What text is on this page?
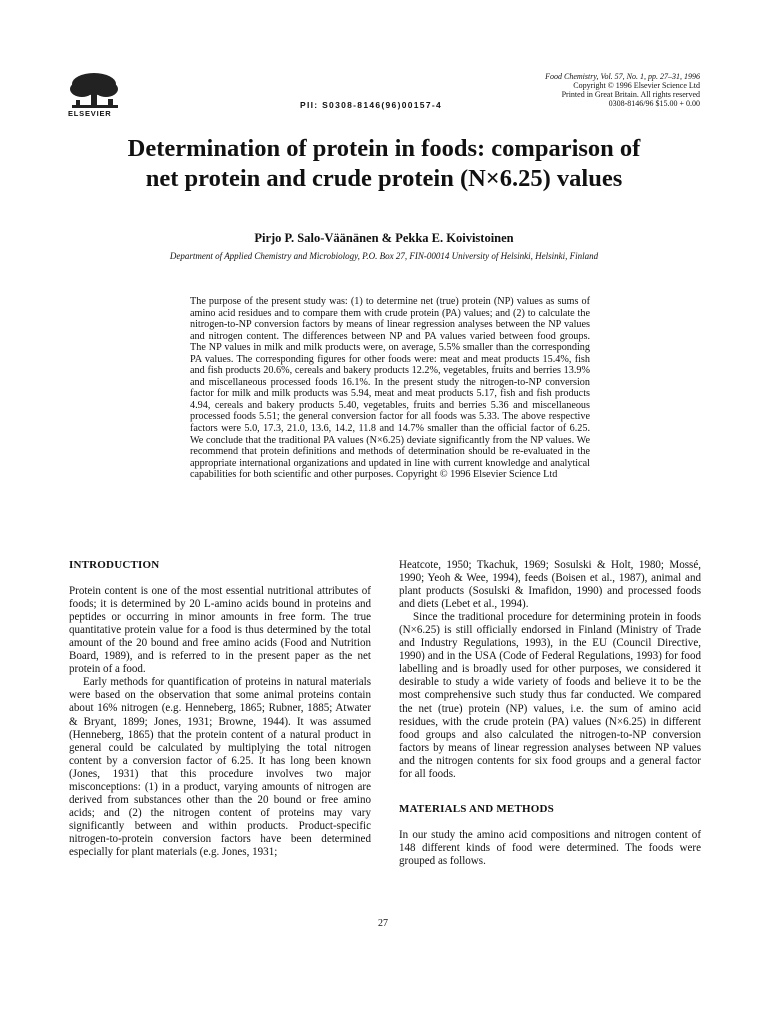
ELSEVIER
PII: S0308-8146(96)00157-4
Food Chemistry, Vol. 57, No. 1, pp. 27–31, 1996
Copyright © 1996 Elsevier Science Ltd
Printed in Great Britain. All rights reserved
0308-8146/96 $15.00 + 0.00
Determination of protein in foods: comparison of
net protein and crude protein (N×6.25) values
Pirjo P. Salo-Väänänen & Pekka E. Koivistoinen
Department of Applied Chemistry and Microbiology, P.O. Box 27, FIN-00014 University of Helsinki, Helsinki, Finland
The purpose of the present study was: (1) to determine net (true) protein (NP) values as sums of amino acid residues and to compare them with crude protein (PA) values; and (2) to calculate the nitrogen-to-NP conversion factors by means of linear regression analyses between the NP values and nitrogen content. The differences between NP and PA values varied between food groups. The NP values in milk and milk products were, on average, 5.5% smaller than the corresponding PA values. The corresponding figures for other foods were: meat and meat products 15.4%, fish and fish products 20.6%, cereals and bakery products 12.2%, vegetables, fruits and berries 13.9% and miscellaneous processed foods 16.1%. In the present study the nitrogen-to-NP conversion factor for milk and milk products was 5.94, meat and meat products 5.17, fish and fish products 4.94, cereals and bakery products 5.40, vegetables, fruits and berries 5.36 and miscellaneous processed foods 5.51; the general conversion factor for all foods was 5.33. The above respective factors were 5.0, 17.3, 21.0, 13.6, 14.2, 11.8 and 14.7% smaller than the official factor of 6.25. We conclude that the traditional PA values (N×6.25) deviate significantly from the NP values. We recommend that protein definitions and methods of determination should be re-evaluated in the appropriate international organizations and updated in line with current knowledge and analytical capabilities for both scientific and other purposes. Copyright © 1996 Elsevier Science Ltd
INTRODUCTION

Protein content is one of the most essential nutritional attributes of foods; it is determined by 20 L-amino acids bound in proteins and peptides or occurring in minor amounts in free form. The true quantitative protein value for a food is thus determined by the total amount of the 20 bound and free amino acids (Food and Nutrition Board, 1989), and is referred to in the present paper as the net protein of a food.

Early methods for quantification of proteins in natural materials were based on the observation that some animal proteins contain about 16% nitrogen (e.g. Henneberg, 1865; Rubner, 1885; Atwater & Bryant, 1899; Jones, 1931; Browne, 1944). It was assumed (Henneberg, 1865) that the protein content of a natural product in general could be calculated by multiplying the total nitrogen content by a conversion factor of 6.25. It has long been known (Jones, 1931) that this procedure involves two major misconceptions: (1) in a product, varying amounts of nitrogen are derived from substances other than the 20 bound or free amino acids; and (2) the nitrogen content of proteins may vary significantly between and within products. Product-specific nitrogen-to-protein conversion factors have been determined especially for plant materials (e.g. Jones, 1931;

Heatcote, 1950; Tkachuk, 1969; Sosulski & Holt, 1980; Mossé, 1990; Yeoh & Wee, 1994), feeds (Boisen et al., 1987), animal and plant products (Sosulski & Imafidon, 1990) and processed foods and diets (Lebet et al., 1994).

Since the traditional procedure for determining protein in foods (N×6.25) is still officially endorsed in Finland (Ministry of Trade and Industry Regulations, 1993), in the EU (Council Directive, 1990) and in the USA (Code of Federal Regulations, 1993) for food labelling and is broadly used for other purposes, we considered it desirable to study a wide variety of foods and believe it to be the most comprehensive such study thus far conducted. We compared the net (true) protein (NP) values, i.e. the sum of amino acid residues, with the crude protein (PA) values (N×6.25) in different food groups and also calculated the nitrogen-to-NP conversion factors by means of linear regression analyses between NP values and the nitrogen contents for six food groups and a general factor for all foods.

MATERIALS AND METHODS

In our study the amino acid compositions and nitrogen content of 148 different kinds of food were determined. The foods were grouped as follows.

27
